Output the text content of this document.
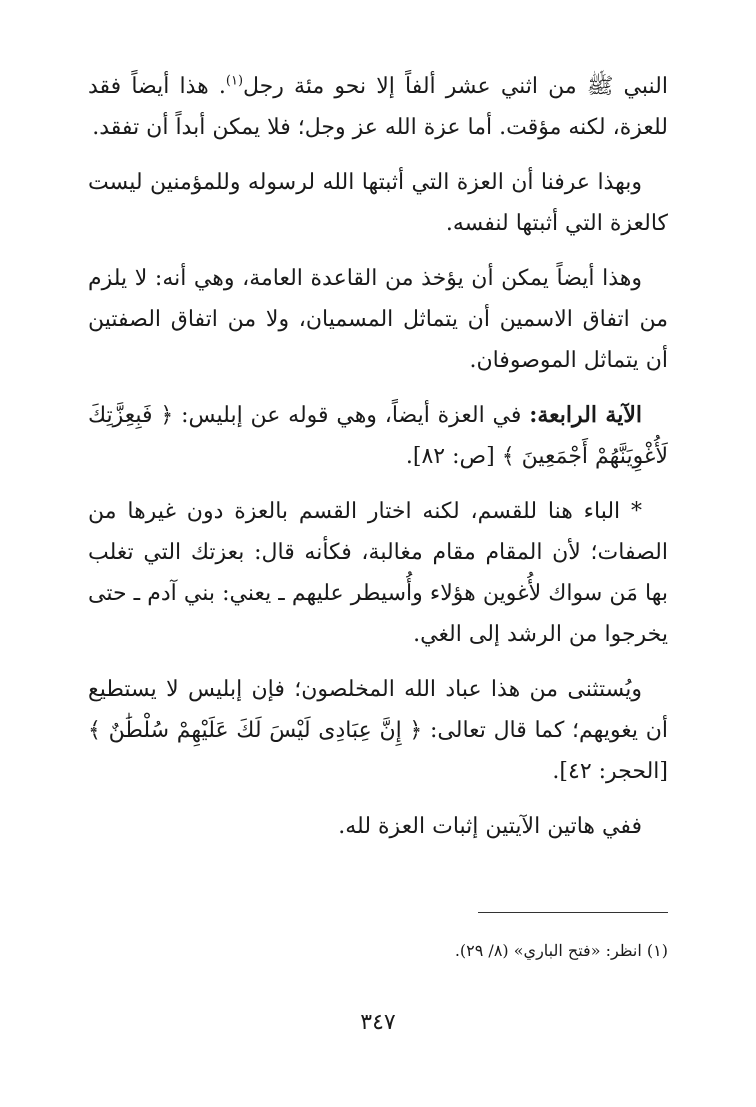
النبي ﷺ من اثني عشر ألفاً إلا نحو مئة رجل$^{(١)}$. هذا أيضاً فقد للعزة، لكنه مؤقت. أما عزة الله عز وجل؛ فلا يمكن أبداً أن تفقد.

وبهذا عرفنا أن العزة التي أثبتها الله لرسوله وللمؤمنين ليست كالعزة التي أثبتها لنفسه.

وهذا أيضاً يمكن أن يؤخذ من القاعدة العامة، وهي أنه: لا يلزم من اتفاق الاسمين أن يتماثل المسميان، ولا من اتفاق الصفتين أن يتماثل الموصوفان.

الآية الرابعة: في العزة أيضاً، وهي قوله عن إبليس: ﴿ فَبِعِزَّتِكَ لَأُغْوِيَنَّهُمْ أَجْمَعِينَ ﴾ [ص: ٨٢].

* الباء هنا للقسم، لكنه اختار القسم بالعزة دون غيرها من الصفات؛ لأن المقام مقام مغالبة، فكأنه قال: بعزتك التي تغلب بها مَن سواك لأُغوين هؤلاء وأُسيطر عليهم ـ يعني: بني آدم ـ حتى يخرجوا من الرشد إلى الغي.

ويُستثنى من هذا عباد الله المخلصون؛ فإن إبليس لا يستطيع أن يغويهم؛ كما قال تعالى: ﴿ إِنَّ عِبَادِى لَيْسَ لَكَ عَلَيْهِمْ سُلْطَٰنٌ ﴾ [الحجر: ٤٢].

ففي هاتين الآيتين إثبات العزة لله.

(١) انظر: «فتح الباري» (٨/ ٢٩).
٣٤٧
